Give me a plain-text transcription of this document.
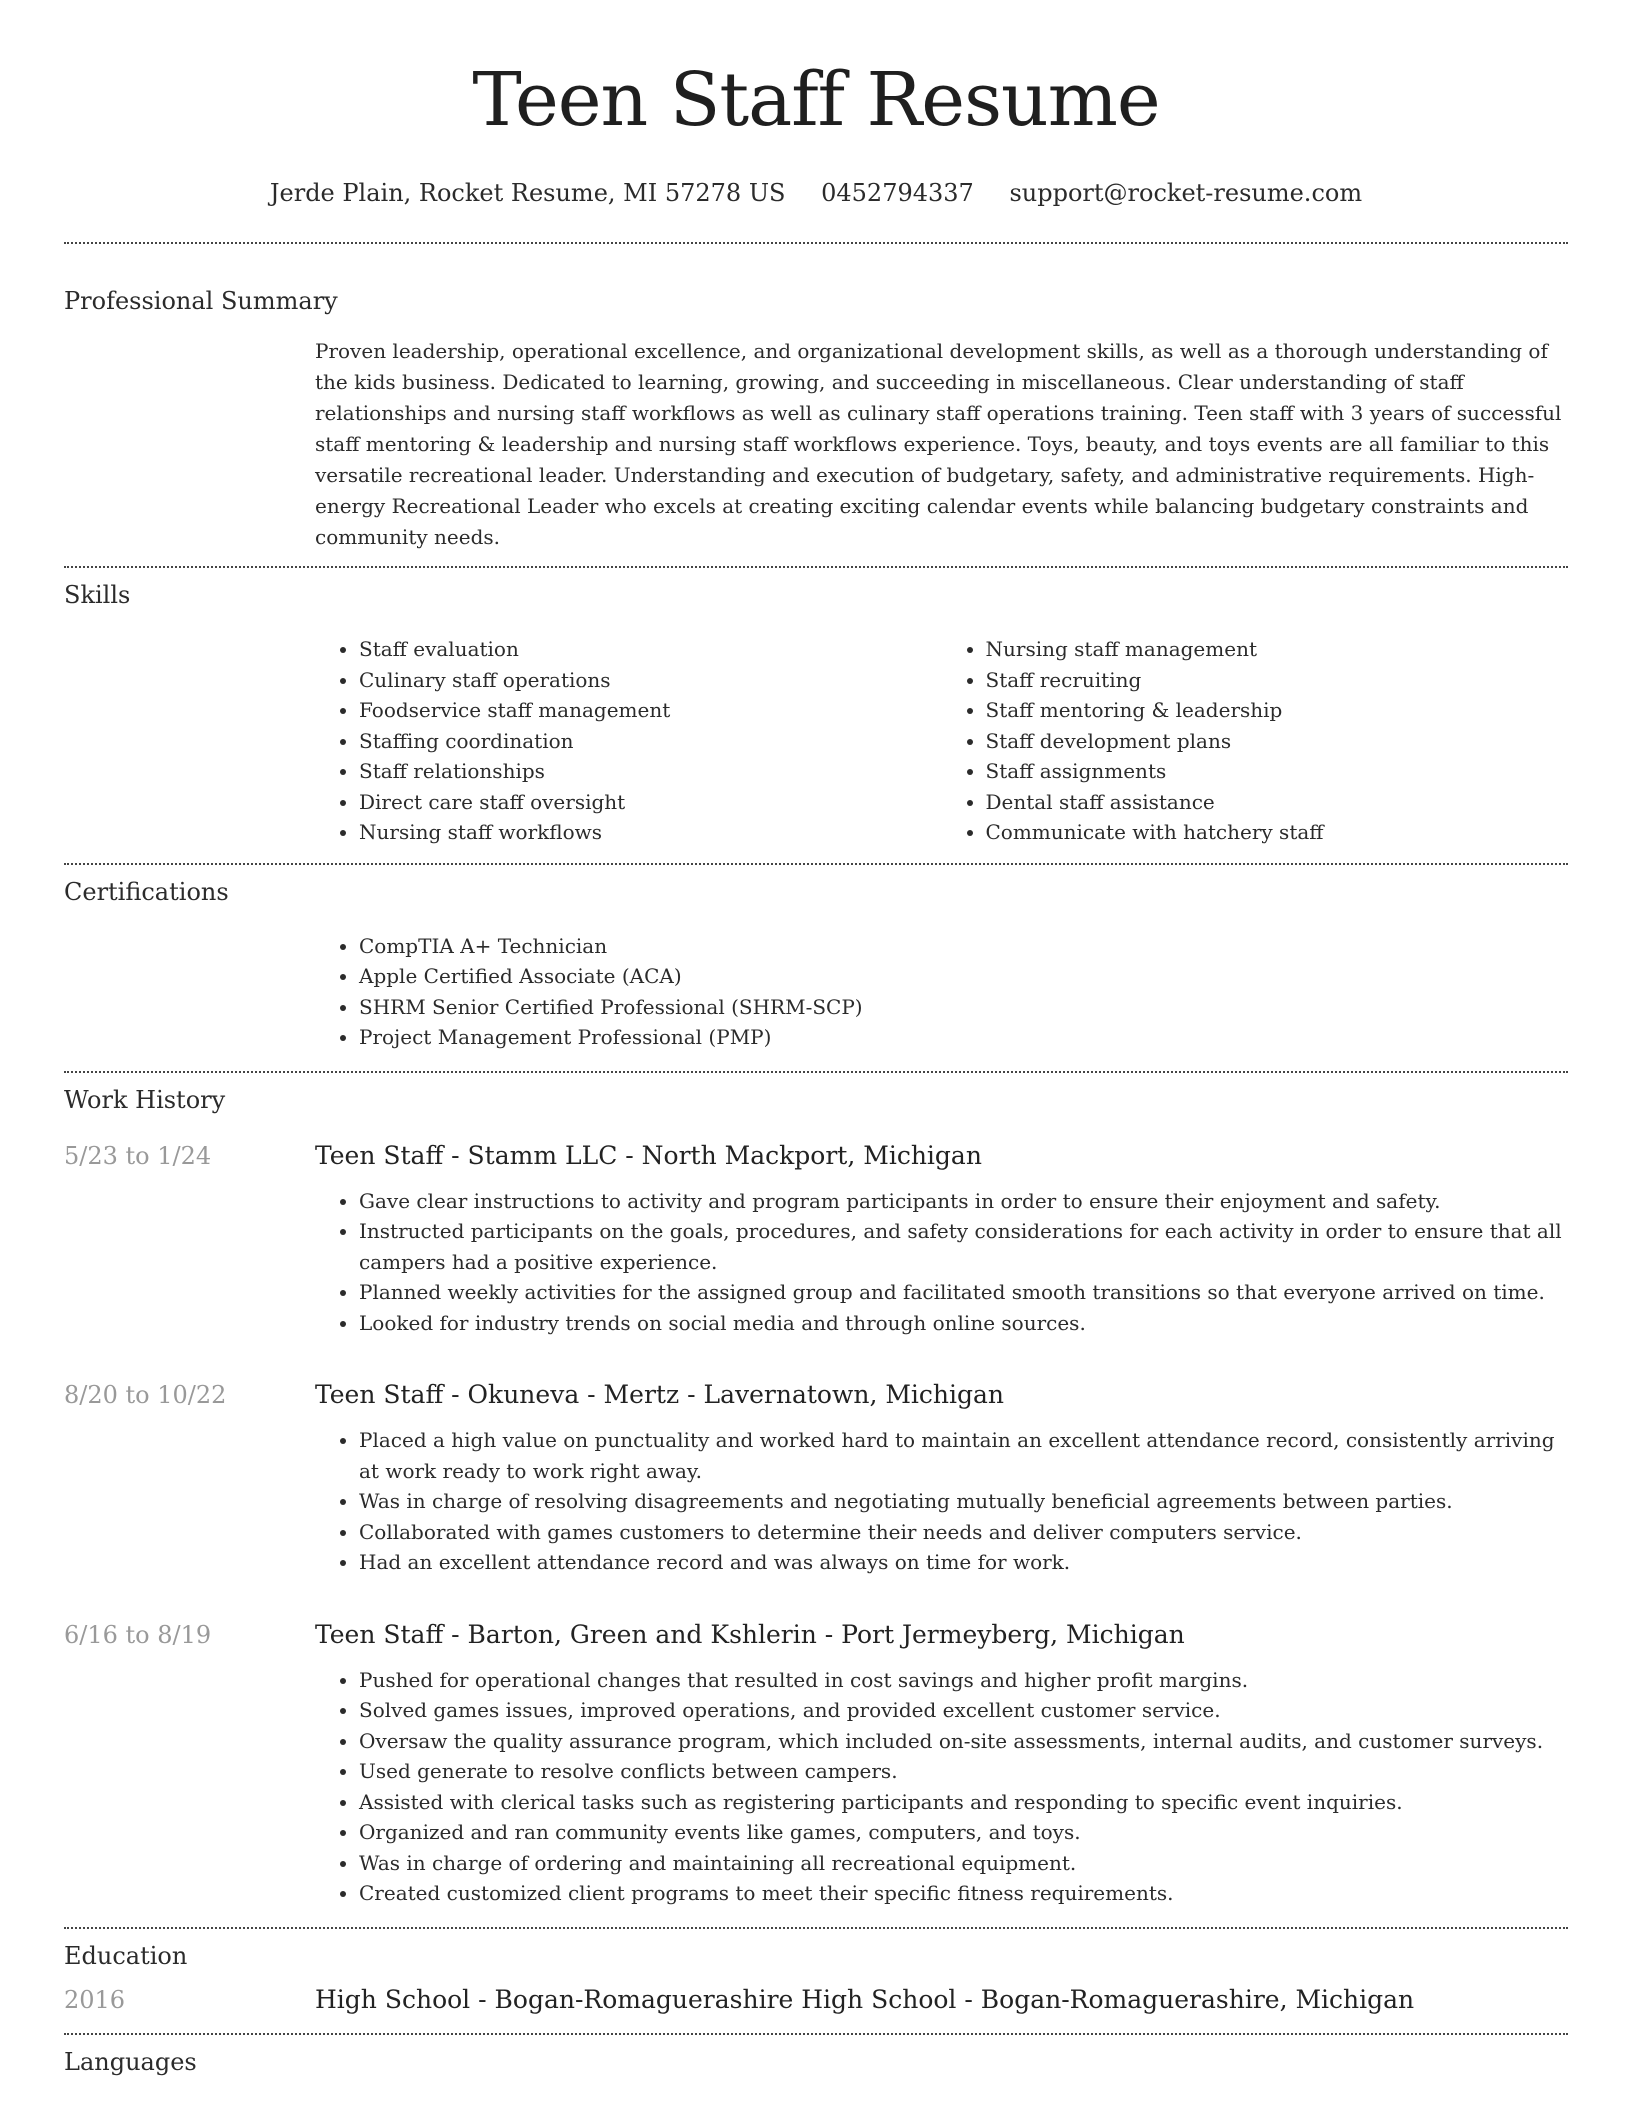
Teen Staff Resume
Jerde Plain, Rocket Resume, MI 57278 US 0452794337 support@rocket-resume.com
Professional Summary

Proven leadership, operational excellence, and organizational development skills, as well as a thorough understanding of the kids business. Dedicated to learning, growing, and succeeding in miscellaneous. Clear understanding of staff relationships and nursing staff workflows as well as culinary staff operations training. Teen staff with 3 years of successful staff mentoring & leadership and nursing staff workflows experience. Toys, beauty, and toys events are all familiar to this versatile recreational leader. Understanding and execution of budgetary, safety, and administrative requirements. High-energy Recreational Leader who excels at creating exciting calendar events while balancing budgetary constraints and community needs.

Skills
• Staff evaluation
• Culinary staff operations
• Foodservice staff management
• Staffing coordination
• Staff relationships
• Direct care staff oversight
• Nursing staff workflows
• Nursing staff management
• Staff recruiting
• Staff mentoring & leadership
• Staff development plans
• Staff assignments
• Dental staff assistance
• Communicate with hatchery staff
Certifications
• CompTIA A+ Technician
• Apple Certified Associate (ACA)
• SHRM Senior Certified Professional (SHRM-SCP)
• Project Management Professional (PMP)
Work History
5/23 to 1/24	Teen Staff - Stamm LLC - North Mackport, Michigan
• Gave clear instructions to activity and program participants in order to ensure their enjoyment and safety.
• Instructed participants on the goals, procedures, and safety considerations for each activity in order to ensure that all campers had a positive experience.
• Planned weekly activities for the assigned group and facilitated smooth transitions so that everyone arrived on time.
• Looked for industry trends on social media and through online sources.
8/20 to 10/22	Teen Staff - Okuneva - Mertz - Lavernatown, Michigan
• Placed a high value on punctuality and worked hard to maintain an excellent attendance record, consistently arriving at work ready to work right away.
• Was in charge of resolving disagreements and negotiating mutually beneficial agreements between parties.
• Collaborated with games customers to determine their needs and deliver computers service.
• Had an excellent attendance record and was always on time for work.
6/16 to 8/19	Teen Staff - Barton, Green and Kshlerin - Port Jermeyberg, Michigan
• Pushed for operational changes that resulted in cost savings and higher profit margins.
• Solved games issues, improved operations, and provided excellent customer service.
• Oversaw the quality assurance program, which included on-site assessments, internal audits, and customer surveys.
• Used generate to resolve conflicts between campers.
• Assisted with clerical tasks such as registering participants and responding to specific event inquiries.
• Organized and ran community events like games, computers, and toys.
• Was in charge of ordering and maintaining all recreational equipment.
• Created customized client programs to meet their specific fitness requirements.
Education
2016	High School - Bogan-Romaguerashire High School - Bogan-Romaguerashire, Michigan
Languages
